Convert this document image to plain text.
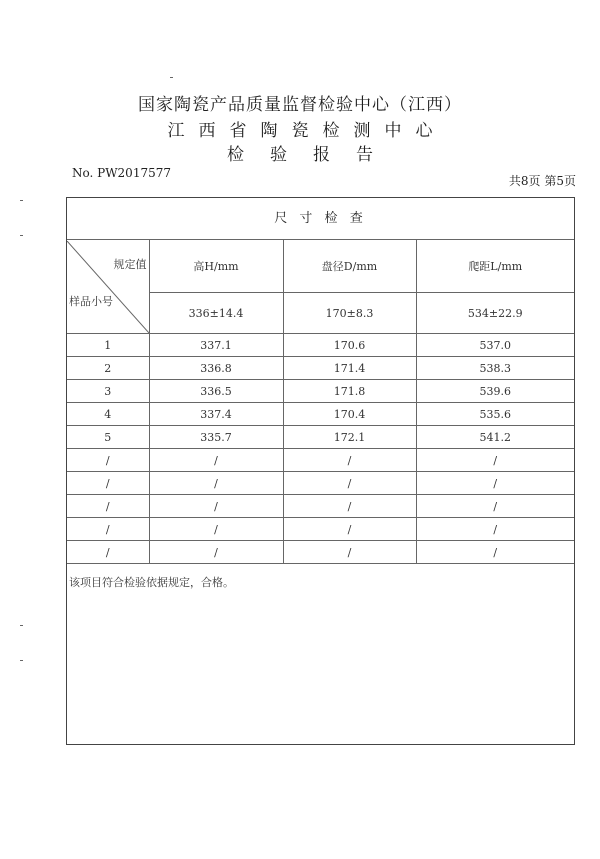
国家陶瓷产品质量监督检验中心（江西）
江西省陶瓷检测中心
检验报告
No. PW2017577
共8页 第5页
尺 寸 检 查
规定值
样品小号	高H/mm	盘径D/mm	爬距L/mm
	336±14.4	170±8.3	534±22.9
1	337.1	170.6	537.0
2	336.8	171.4	538.3
3	336.5	171.8	539.6
4	337.4	170.4	535.6
5	335.7	172.1	541.2
/	/	/	/
/	/	/	/
/	/	/	/
/	/	/	/
/	/	/	/
该项目符合检验依据规定，合格。
